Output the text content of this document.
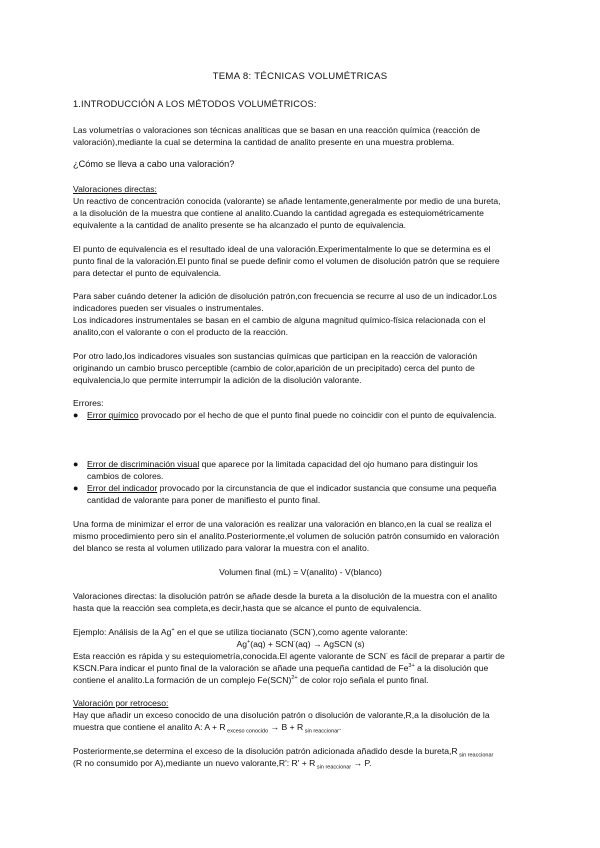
TEMA 8: TÉCNICAS VOLUMÉTRICAS
1.INTRODUCCIÓN A LOS MÉTODOS VOLUMÉTRICOS:
Las volumetrías o valoraciones son técnicas analíticas que se basan en una reacción química (reacción de
valoración),mediante la cual se determina la cantidad de analito presente en una muestra problema.
¿Cómo se lleva a cabo una valoración?
Valoraciones directas:
Un reactivo de concentración conocida (valorante) se añade lentamente,generalmente por medio de una bureta,
a la disolución de la muestra que contiene al analito.Cuando la cantidad agregada es estequiométricamente
equivalente a la cantidad de analito presente se ha alcanzado el punto de equivalencia.
El punto de equivalencia es el resultado ideal de una valoración.Experimentalmente lo que se determina es el
punto final de la valoración.El punto final se puede definir como el volumen de disolución patrón que se requiere
para detectar el punto de equivalencia.
Para saber cuándo detener la adición de disolución patrón,con frecuencia se recurre al uso de un indicador.Los
indicadores pueden ser visuales o instrumentales.
Los indicadores instrumentales se basan en el cambio de alguna magnitud químico-física relacionada con el
analito,con el valorante o con el producto de la reacción.
Por otro lado,los indicadores visuales son sustancias químicas que participan en la reacción de valoración
originando un cambio brusco perceptible (cambio de color,aparición de un precipitado) cerca del punto de
equivalencia,lo que permite interrumpir la adición de la disolución valorante.
Errores:
● Error químico provocado por el hecho de que el punto final puede no coincidir con el punto de equivalencia.
● Error de discriminación visual que aparece por la limitada capacidad del ojo humano para distinguir los
cambios de colores.
● Error del indicador provocado por la circunstancia de que el indicador sustancia que consume una pequeña
cantidad de valorante para poner de manifiesto el punto final.
Una forma de minimizar el error de una valoración es realizar una valoración en blanco,en la cual se realiza el
mismo procedimiento pero sin el analito.Posteriormente,el volumen de solución patrón consumido en valoración
del blanco se resta al volumen utilizado para valorar la muestra con el analito.
Volumen final (mL) = V(analito) - V(blanco)
Valoraciones directas: la disolución patrón se añade desde la bureta a la disolución de la muestra con el analito
hasta que la reacción sea completa,es decir,hasta que se alcance el punto de equivalencia.
Ejemplo: Análisis de la Ag+ en el que se utiliza tiocianato (SCN-),como agente valorante:
Ag+(aq) + SCN-(aq) → AgSCN (s)
Esta reacción es rápida y su estequiometría,conocida.El agente valorante de SCN- es fácil de preparar a partir de
KSCN.Para indicar el punto final de la valoración se añade una pequeña cantidad de $Fe^{3+}$ a la disolución que
contiene el analito.La formación de un complejo Fe(SCN)$^{2+}$ de color rojo señala el punto final.
Valoración por retroceso:
Hay que añadir un exceso conocido de una disolución patrón o disolución de valorante,R,a la disolución de la
muestra que contiene el analito A: A + R $_{exceso conocido}$ → B + R $_{sin reaccionar}$.
Posteriormente,se determina el exceso de la disolución patrón adicionada añadido desde la bureta,R $_{sin reaccionar}$
(R no consumido por A),mediante un nuevo valorante,R': R' + R $_{sin reaccionar}$ → P.
